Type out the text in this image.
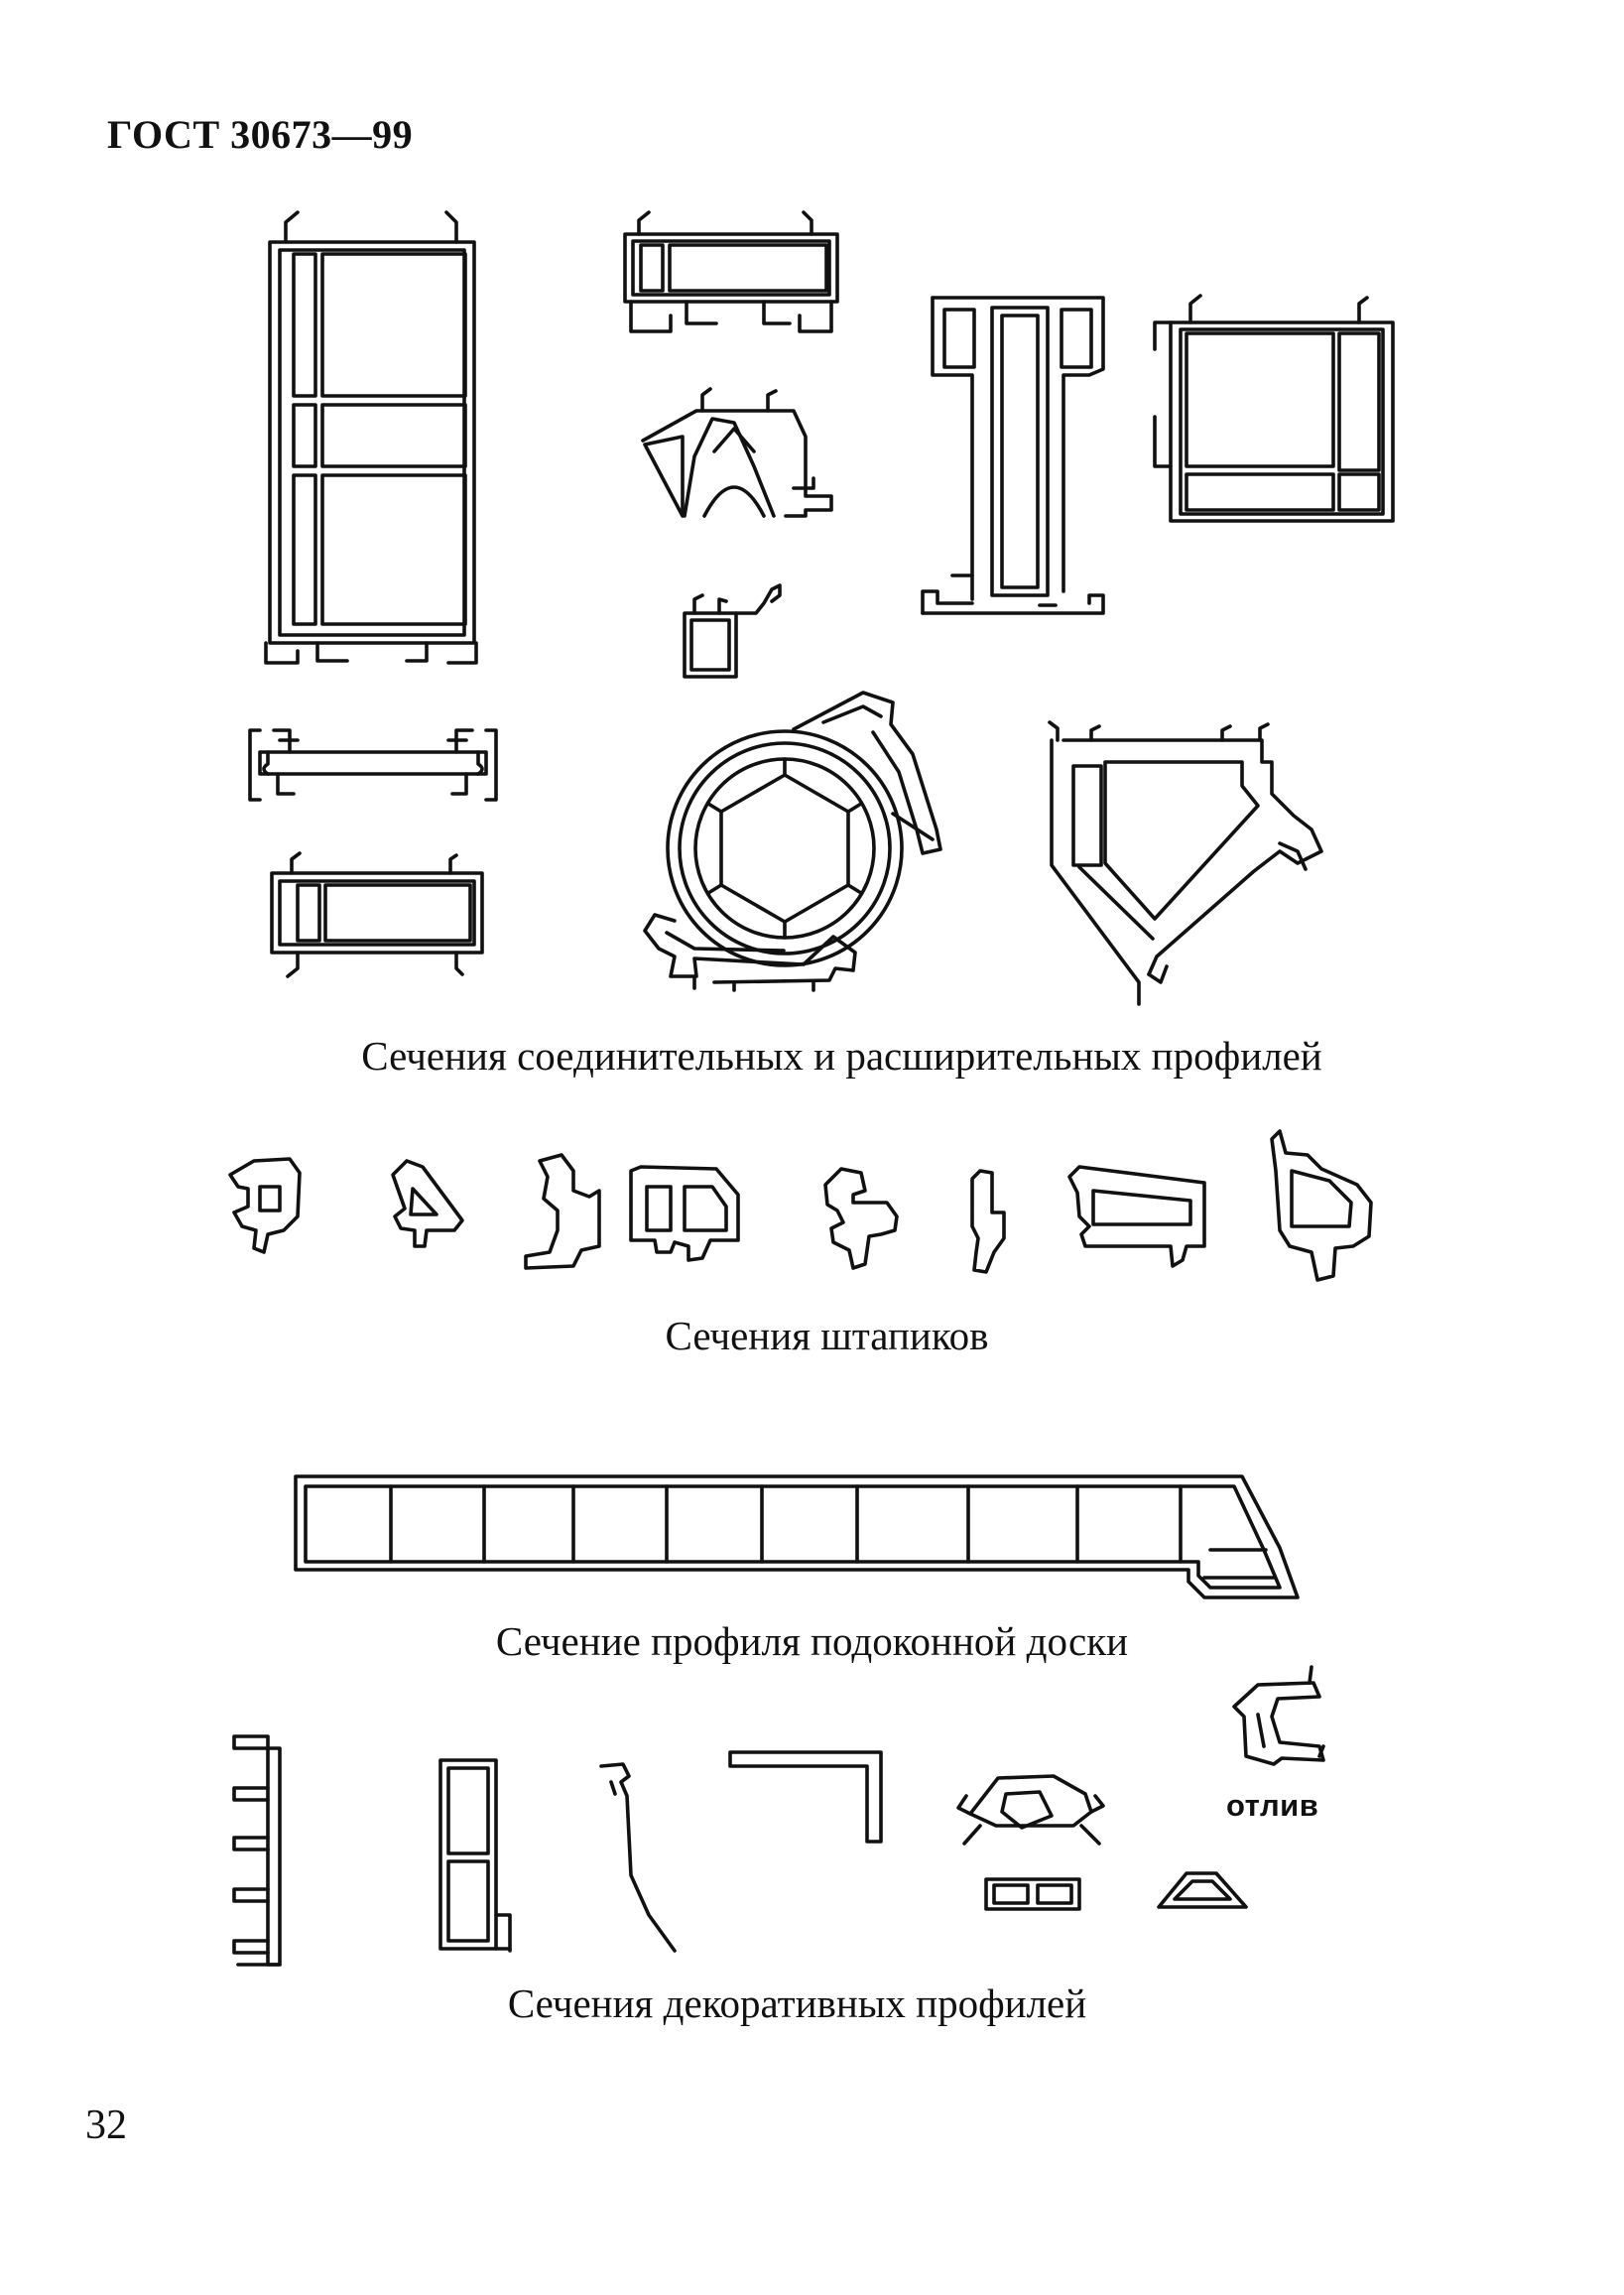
ГОСТ 30673—99
Сечения соединительных и расширительных профилей
Сечения штапиков
Сечение профиля подоконной доски
отлив
Сечения декоративных профилей
32
